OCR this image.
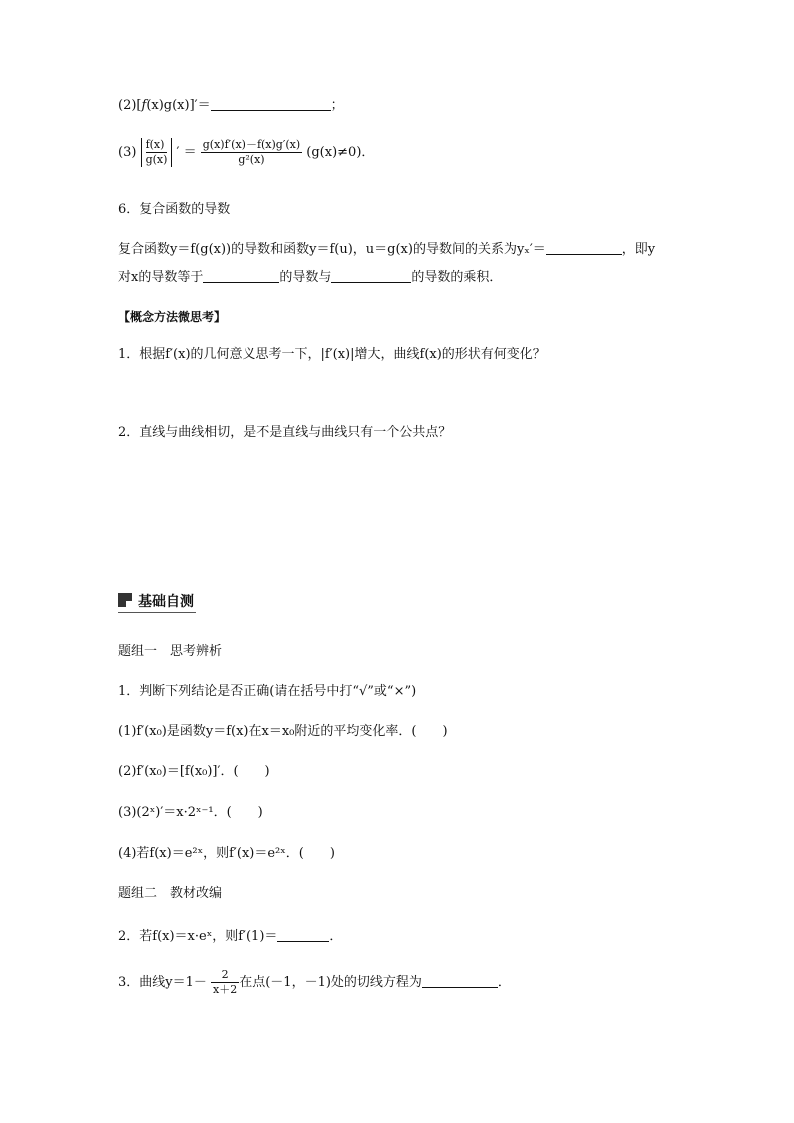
(2)[f(x)g(x)]′＝	；
$(3) \frac{f(x)}{g(x)}$ ′ ＝ $\frac{g(x)f'(x)-f(x)g'(x)}{\text{g²(x)}} (g(x)\ne 0)$．
6．复合函数的导数
复合函数y＝f(g(x))的导数和函数y＝f(u)，u＝g(x)的导数间的关系为yₓ′＝	，即y
对x的导数等于	的导数与	的导数的乘积．
【概念方法微思考】
1．根据f′(x)的几何意义思考一下，|f′(x)|增大，曲线f(x)的形状有何变化？
2．直线与曲线相切，是不是直线与曲线只有一个公共点？
基础自测
题组一　思考辨析
1．判断下列结论是否正确(请在括号中打“√”或“×”)
(1)f′(x₀)是函数y＝f(x)在x＝x₀附近的平均变化率．(　　)
(2)f′(x₀)＝[f(x₀)]′．(　　)
(3)(2ˣ)′＝x·2ˣ⁻¹．(　　)
(4)若f(x)＝e²ˣ，则f′(x)＝e²ˣ．(　　)
题组二　教材改编
2．若f(x)＝x·eˣ，则f′(1)＝	．
3．曲线$y=1- \frac{2}{x+2}$ 在点(－1，－1)处的切线方程为	．
